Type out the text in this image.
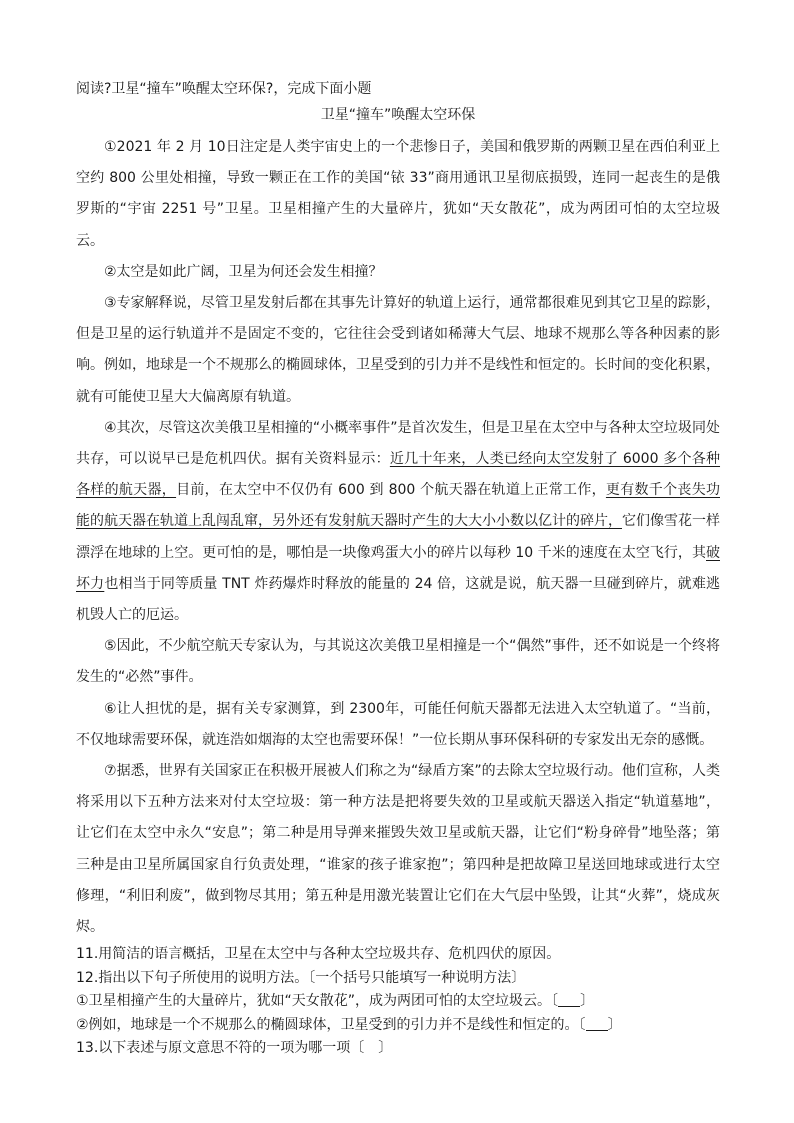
阅读?卫星“撞车”唤醒太空环保?，完成下面小题

卫星“撞车”唤醒太空环保

①2021 年 2 月 10日注定是人类宇宙史上的一个悲惨日子，美国和俄罗斯的两颗卫星在西伯利亚上空约 800 公里处相撞，导致一颗正在工作的美国“铱 33”商用通讯卫星彻底损毁，连同一起丧生的是俄罗斯的“宇宙 2251 号”卫星。卫星相撞产生的大量碎片，犹如“天女散花”，成为两团可怕的太空垃圾云。

②太空是如此广阔，卫星为何还会发生相撞？

③专家解释说，尽管卫星发射后都在其事先计算好的轨道上运行，通常都很难见到其它卫星的踪影，但是卫星的运行轨道并不是固定不变的，它往往会受到诸如稀薄大气层、地球不规那么等各种因素的影响。例如，地球是一个不规那么的椭圆球体，卫星受到的引力并不是线性和恒定的。长时间的变化积累，就有可能使卫星大大偏离原有轨道。

④其次，尽管这次美俄卫星相撞的“小概率事件”是首次发生，但是卫星在太空中与各种太空垃圾同处共存，可以说早已是危机四伏。据有关资料显示：近几十年来，人类已经向太空发射了 6000 多个各种各样的航天器，目前，在太空中不仅仍有 600 到 800 个航天器在轨道上正常工作，更有数千个丧失功能的航天器在轨道上乱闯乱窜，另外还有发射航天器时产生的大大小小数以亿计的碎片，它们像雪花一样漂浮在地球的上空。更可怕的是，哪怕是一块像鸡蛋大小的碎片以每秒 10 千米的速度在太空飞行，其破坏力也相当于同等质量 TNT 炸药爆炸时释放的能量的 24 倍，这就是说，航天器一旦碰到碎片，就难逃机毁人亡的厄运。

⑤因此，不少航空航天专家认为，与其说这次美俄卫星相撞是一个“偶然”事件，还不如说是一个终将发生的“必然”事件。

⑥让人担忧的是，据有关专家测算，到 2300年，可能任何航天器都无法进入太空轨道了。“当前，不仅地球需要环保，就连浩如烟海的太空也需要环保！”一位长期从事环保科研的专家发出无奈的感慨。

⑦据悉，世界有关国家正在积极开展被人们称之为“绿盾方案”的去除太空垃圾行动。他们宣称，人类将采用以下五种方法来对付太空垃圾：第一种方法是把将要失效的卫星或航天器送入指定“轨道墓地”，让它们在太空中永久“安息”；第二种是用导弹来摧毁失效卫星或航天器，让它们“粉身碎骨”地坠落；第三种是由卫星所属国家自行负责处理，“谁家的孩子谁家抱”；第四种是把故障卫星送回地球或进行太空修理，“利旧利废”，做到物尽其用；第五种是用激光装置让它们在大气层中坠毁，让其“火葬”，烧成灰烬。

11.用简洁的语言概括，卫星在太空中与各种太空垃圾共存、危机四伏的原因。

12.指出以下句子所使用的说明方法。〔一个括号只能填写一种说明方法〕

①卫星相撞产生的大量碎片，犹如“天女散花”，成为两团可怕的太空垃圾云。〔 〕

②例如，地球是一个不规那么的椭圆球体，卫星受到的引力并不是线性和恒定的。〔 〕

13.以下表述与原文意思不符的一项为哪一项〔　〕
